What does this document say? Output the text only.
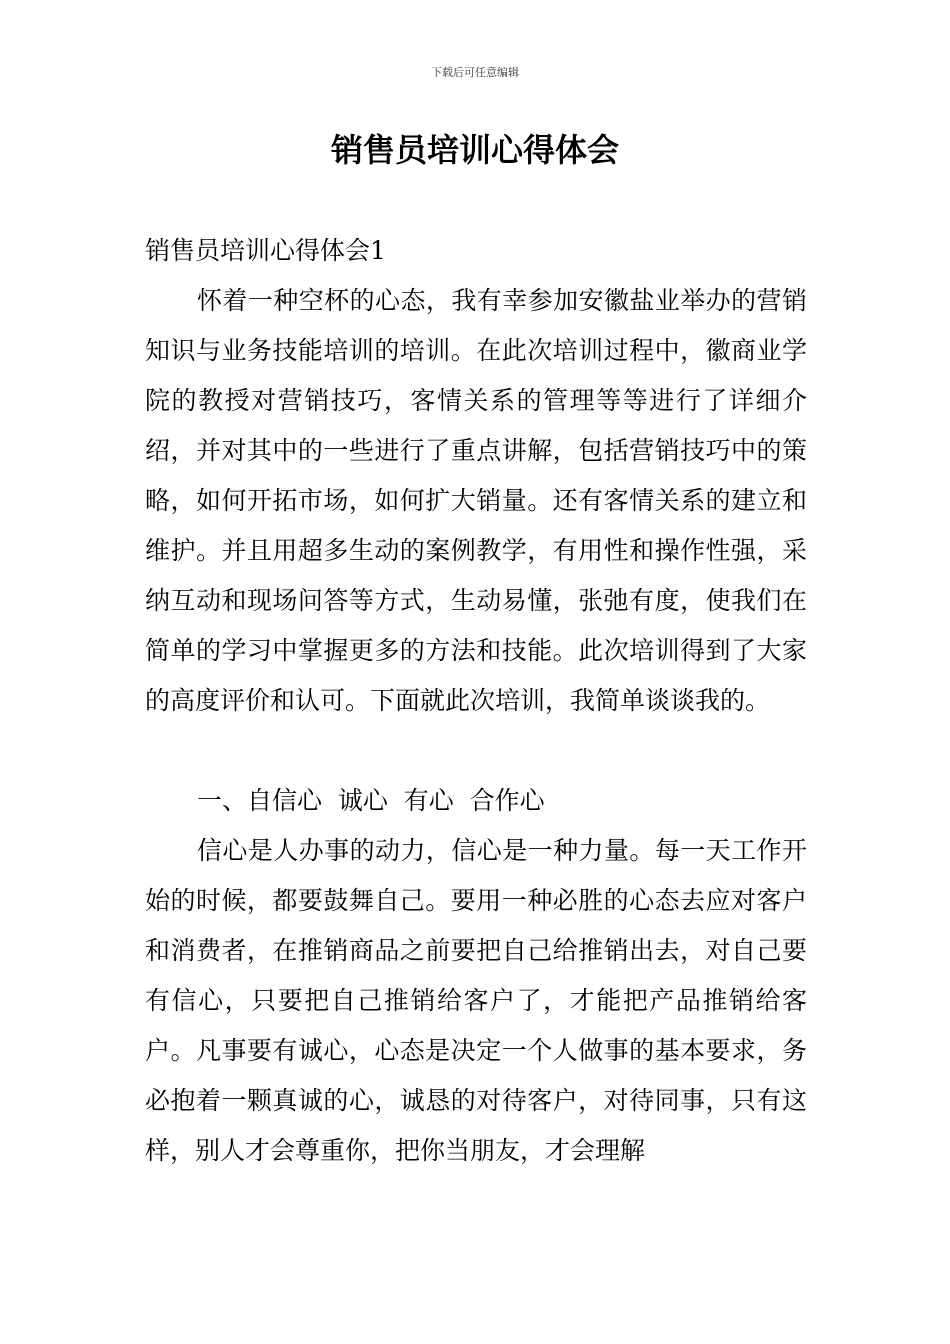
下载后可任意编辑
销售员培训心得体会

销售员培训心得体会1

怀着一种空杯的心态，我有幸参加安徽盐业举办的营销知识与业务技能培训的培训。在此次培训过程中，徽商业学院的教授对营销技巧，客情关系的管理等等进行了详细介绍，并对其中的一些进行了重点讲解，包括营销技巧中的策略，如何开拓市场，如何扩大销量。还有客情关系的建立和维护。并且用超多生动的案例教学，有用性和操作性强，采纳互动和现场问答等方式，生动易懂，张弛有度，使我们在简单的学习中掌握更多的方法和技能。此次培训得到了大家的高度评价和认可。下面就此次培训，我简单谈谈我的。

一、自信心  诚心  有心  合作心

信心是人办事的动力，信心是一种力量。每一天工作开始的时候，都要鼓舞自己。要用一种必胜的心态去应对客户和消费者，在推销商品之前要把自己给推销出去，对自己要有信心，只要把自己推销给客户了，才能把产品推销给客户。凡事要有诚心，心态是决定一个人做事的基本要求，务必抱着一颗真诚的心，诚恳的对待客户，对待同事，只有这样，别人才会尊重你，把你当朋友，才会理解
